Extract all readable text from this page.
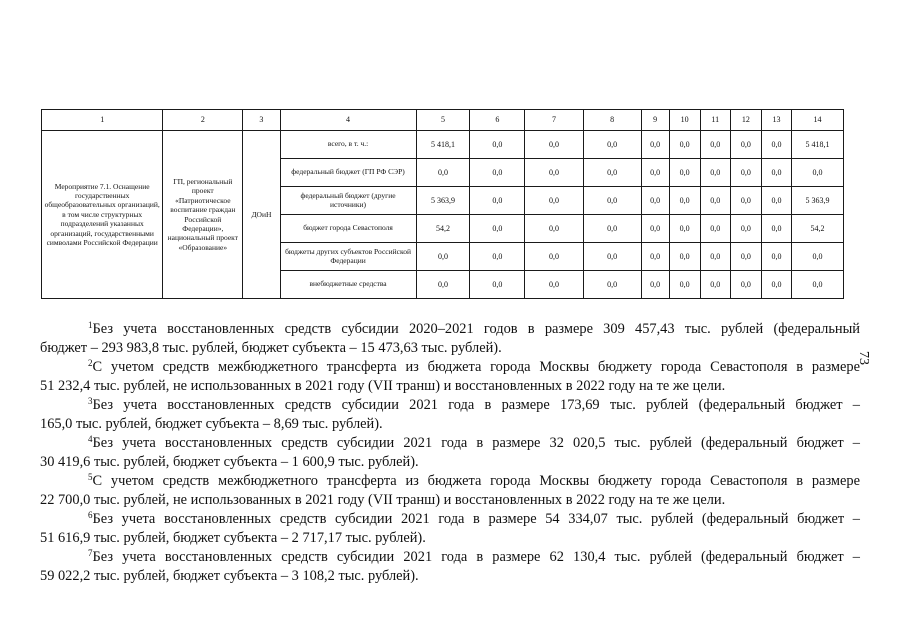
1	2	3	4	5	6	7	8	9	10	11	12	13	14
Мероприятие 7.1. Оснащение государственных общеобразовательных организаций, в том числе структурных подразделений указанных организаций, государственными символами Российской Федерации	ГП, региональный проект «Патриотическое воспитание граждан Российской Федерации», национальный проект «Образование»	ДОиН	всего, в т. ч.:	5 418,1	0,0	0,0	0,0	0,0	0,0	0,0	0,0	0,0	5 418,1
			федеральный бюджет (ГП РФ СЭР)	0,0	0,0	0,0	0,0	0,0	0,0	0,0	0,0	0,0	0,0
			федеральный бюджет (другие источники)	5 363,9	0,0	0,0	0,0	0,0	0,0	0,0	0,0	0,0	5 363,9
			бюджет города Севастополя	54,2	0,0	0,0	0,0	0,0	0,0	0,0	0,0	0,0	54,2
			бюджеты других субъектов Российской Федерации	0,0	0,0	0,0	0,0	0,0	0,0	0,0	0,0	0,0	0,0
			внебюджетные средства	0,0	0,0	0,0	0,0	0,0	0,0	0,0	0,0	0,0	0,0
$^1$Без учета восстановленных средств субсидии 2020–2021 годов в размере 309 457,43 тыс. рублей (федеральный
бюджет – 293 983,8 тыс. рублей, бюджет субъекта – 15 473,63 тыс. рублей).
$^2$С учетом средств межбюджетного трансферта из бюджета города Москвы бюджету города Севастополя в размере
51 232,4 тыс. рублей, не использованных в 2021 году (VII транш) и восстановленных в 2022 году на те же цели.
$^3$Без учета восстановленных средств субсидии 2021 года в размере 173,69 тыс. рублей (федеральный бюджет –
165,0 тыс. рублей, бюджет субъекта – 8,69 тыс. рублей).
$^4$Без учета восстановленных средств субсидии 2021 года в размере 32 020,5 тыс. рублей (федеральный бюджет –
30 419,6 тыс. рублей, бюджет субъекта – 1 600,9 тыс. рублей).
$^5$С учетом средств межбюджетного трансферта из бюджета города Москвы бюджету города Севастополя в размере
22 700,0 тыс. рублей, не использованных в 2021 году (VII транш) и восстановленных в 2022 году на те же цели.
$^6$Без учета восстановленных средств субсидии 2021 года в размере 54 334,07 тыс. рублей (федеральный бюджет –
51 616,9 тыс. рублей, бюджет субъекта – 2 717,17 тыс. рублей).
$^7$Без учета восстановленных средств субсидии 2021 года в размере 62 130,4 тыс. рублей (федеральный бюджет –
59 022,2 тыс. рублей, бюджет субъекта – 3 108,2 тыс. рублей).
73
